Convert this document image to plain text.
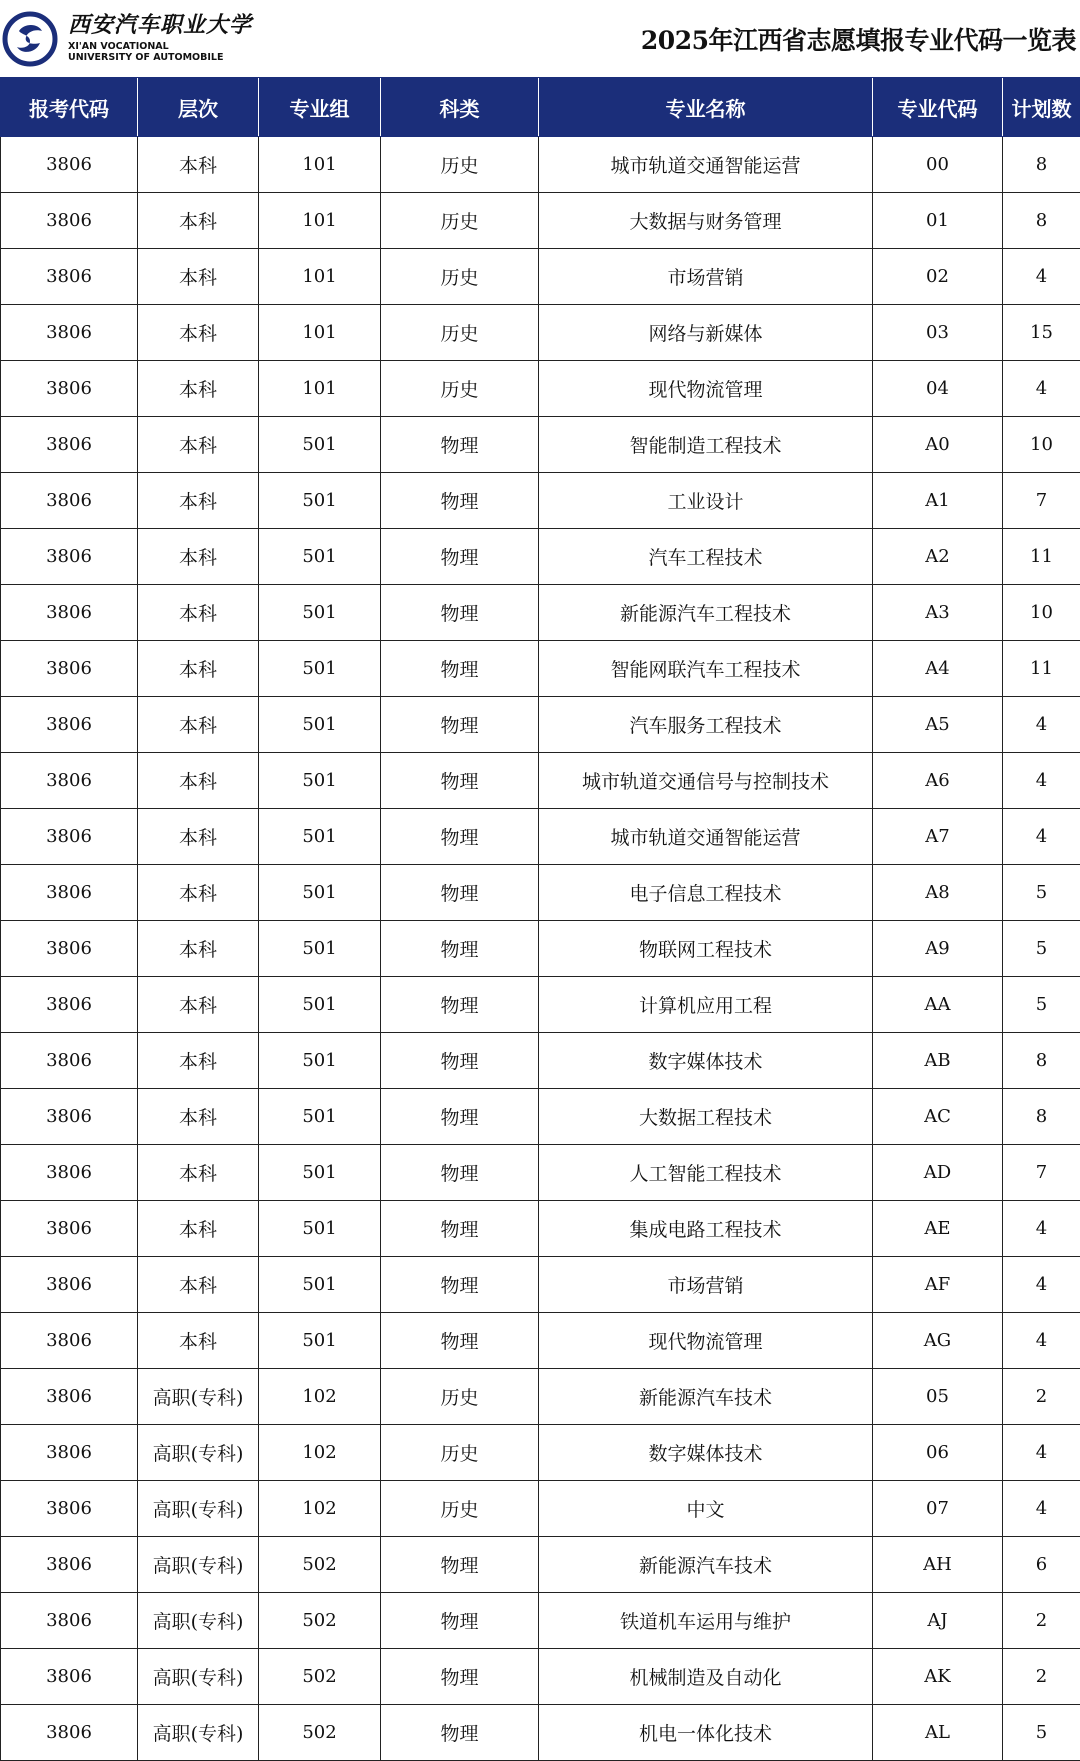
西安汽车职业大学
XI'AN VOCATIONAL
UNIVERSITY OF AUTOMOBILE
2025年江西省志愿填报专业代码一览表
报考代码	层次	专业组	科类	专业名称	专业代码	计划数
3806	本科	101	历史	城市轨道交通智能运营	00	8
3806	本科	101	历史	大数据与财务管理	01	8
3806	本科	101	历史	市场营销	02	4
3806	本科	101	历史	网络与新媒体	03	15
3806	本科	101	历史	现代物流管理	04	4
3806	本科	501	物理	智能制造工程技术	A0	10
3806	本科	501	物理	工业设计	A1	7
3806	本科	501	物理	汽车工程技术	A2	11
3806	本科	501	物理	新能源汽车工程技术	A3	10
3806	本科	501	物理	智能网联汽车工程技术	A4	11
3806	本科	501	物理	汽车服务工程技术	A5	4
3806	本科	501	物理	城市轨道交通信号与控制技术	A6	4
3806	本科	501	物理	城市轨道交通智能运营	A7	4
3806	本科	501	物理	电子信息工程技术	A8	5
3806	本科	501	物理	物联网工程技术	A9	5
3806	本科	501	物理	计算机应用工程	AA	5
3806	本科	501	物理	数字媒体技术	AB	8
3806	本科	501	物理	大数据工程技术	AC	8
3806	本科	501	物理	人工智能工程技术	AD	7
3806	本科	501	物理	集成电路工程技术	AE	4
3806	本科	501	物理	市场营销	AF	4
3806	本科	501	物理	现代物流管理	AG	4
3806	高职(专科)	102	历史	新能源汽车技术	05	2
3806	高职(专科)	102	历史	数字媒体技术	06	4
3806	高职(专科)	102	历史	中文	07	4
3806	高职(专科)	502	物理	新能源汽车技术	AH	6
3806	高职(专科)	502	物理	铁道机车运用与维护	AJ	2
3806	高职(专科)	502	物理	机械制造及自动化	AK	2
3806	高职(专科)	502	物理	机电一体化技术	AL	5
